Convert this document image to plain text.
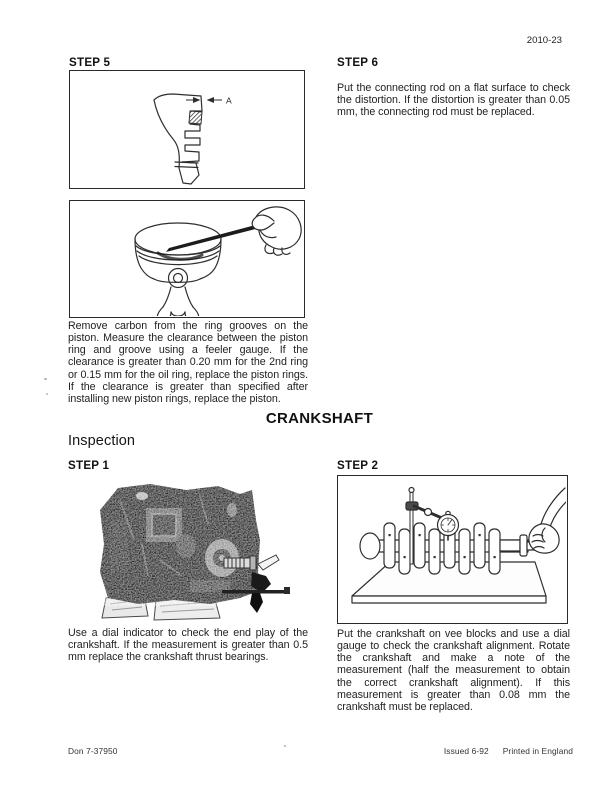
2010-23
STEP 5
A
STEP 6
Put the connecting rod on a flat surface to check the distortion. If the distortion is greater than 0.05 mm, the connecting rod must be replaced.
Remove carbon from the ring grooves on the piston. Measure the clearance between the piston ring and groove using a feeler gauge. If the clearance is greater than 0.20 mm for the 2nd ring or 0.15 mm for the oil ring, replace the piston rings. If the clearance is greater than specified after installing new piston rings, replace the piston.
CRANKSHAFT
Inspection
STEP 1	STEP 2
Use a dial indicator to check the end play of the crankshaft. If the measurement is greater than 0.5 mm replace the crankshaft thrust bearings.
Put the crankshaft on vee blocks and use a dial gauge to check the crankshaft alignment. Rotate the crankshaft and make a note of the measurement (half the measurement to obtain the correct crankshaft alignment). If this measurement is greater than 0.08 mm the crankshaft must be replaced.
Don 7-37950	Issued 6-92 Printed in England
